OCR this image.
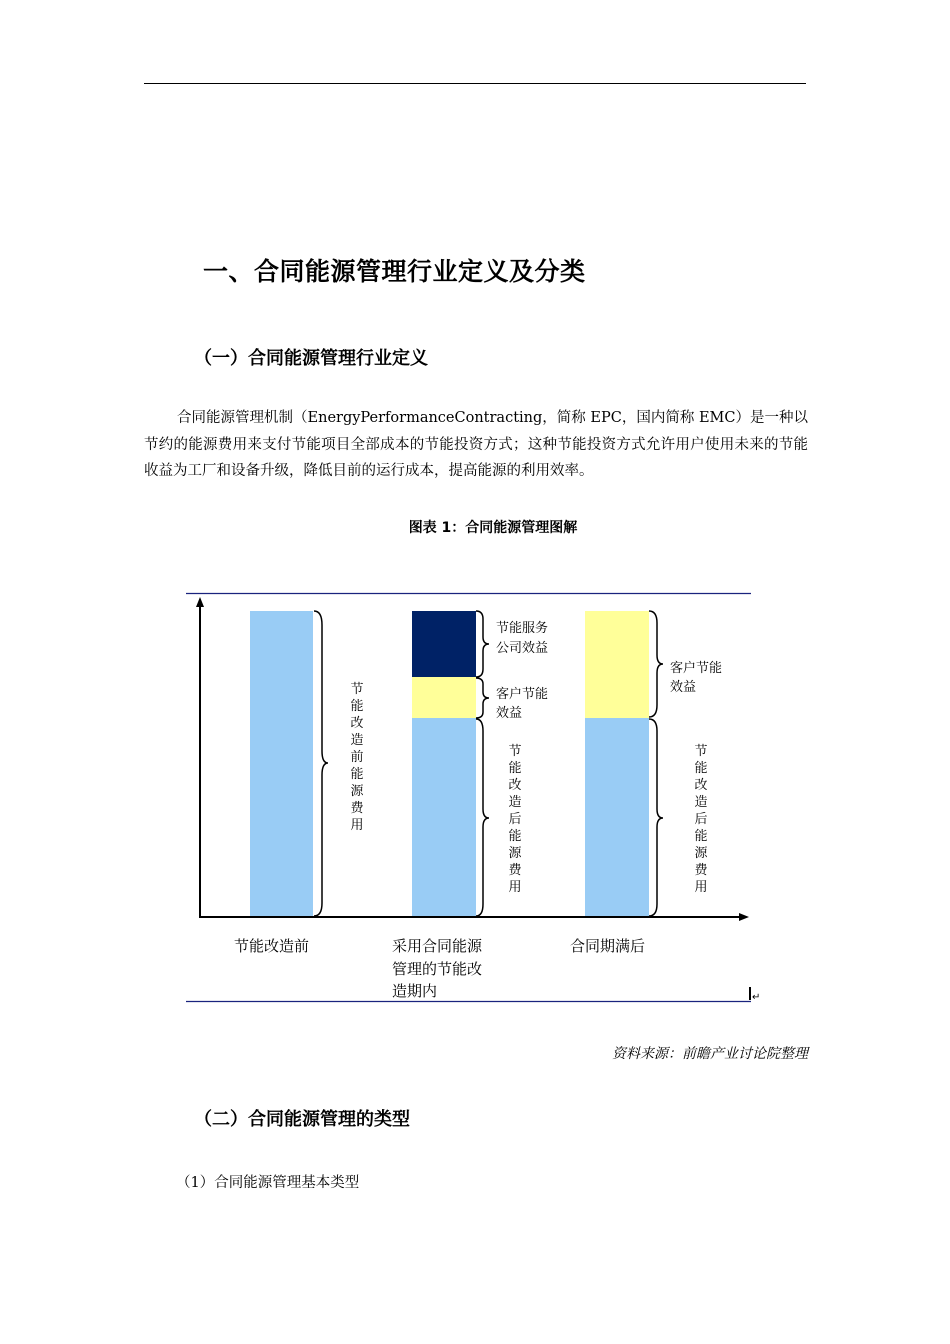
一、合同能源管理行业定义及分类
（一）合同能源管理行业定义
合同能源管理机制（EnergyPerformanceContracting，简称 EPC，国内简称 EMC）是一种以节约的能源费用来支付节能项目全部成本的节能投资方式；这种节能投资方式允许用户使用未来的节能收益为工厂和设备升级，降低目前的运行成本，提高能源的利用效率。
图表 1：合同能源管理图解
节能改造前能源费用
节能服务
公司效益
客户节能
效益
节能改造后能源费用
客户节能
效益
节能改造后能源费用
节能改造前	采用合同能源
管理的节能改
造期内
合同期满后
↵
资料来源：前瞻产业讨论院整理
（二）合同能源管理的类型
（1）合同能源管理基本类型
